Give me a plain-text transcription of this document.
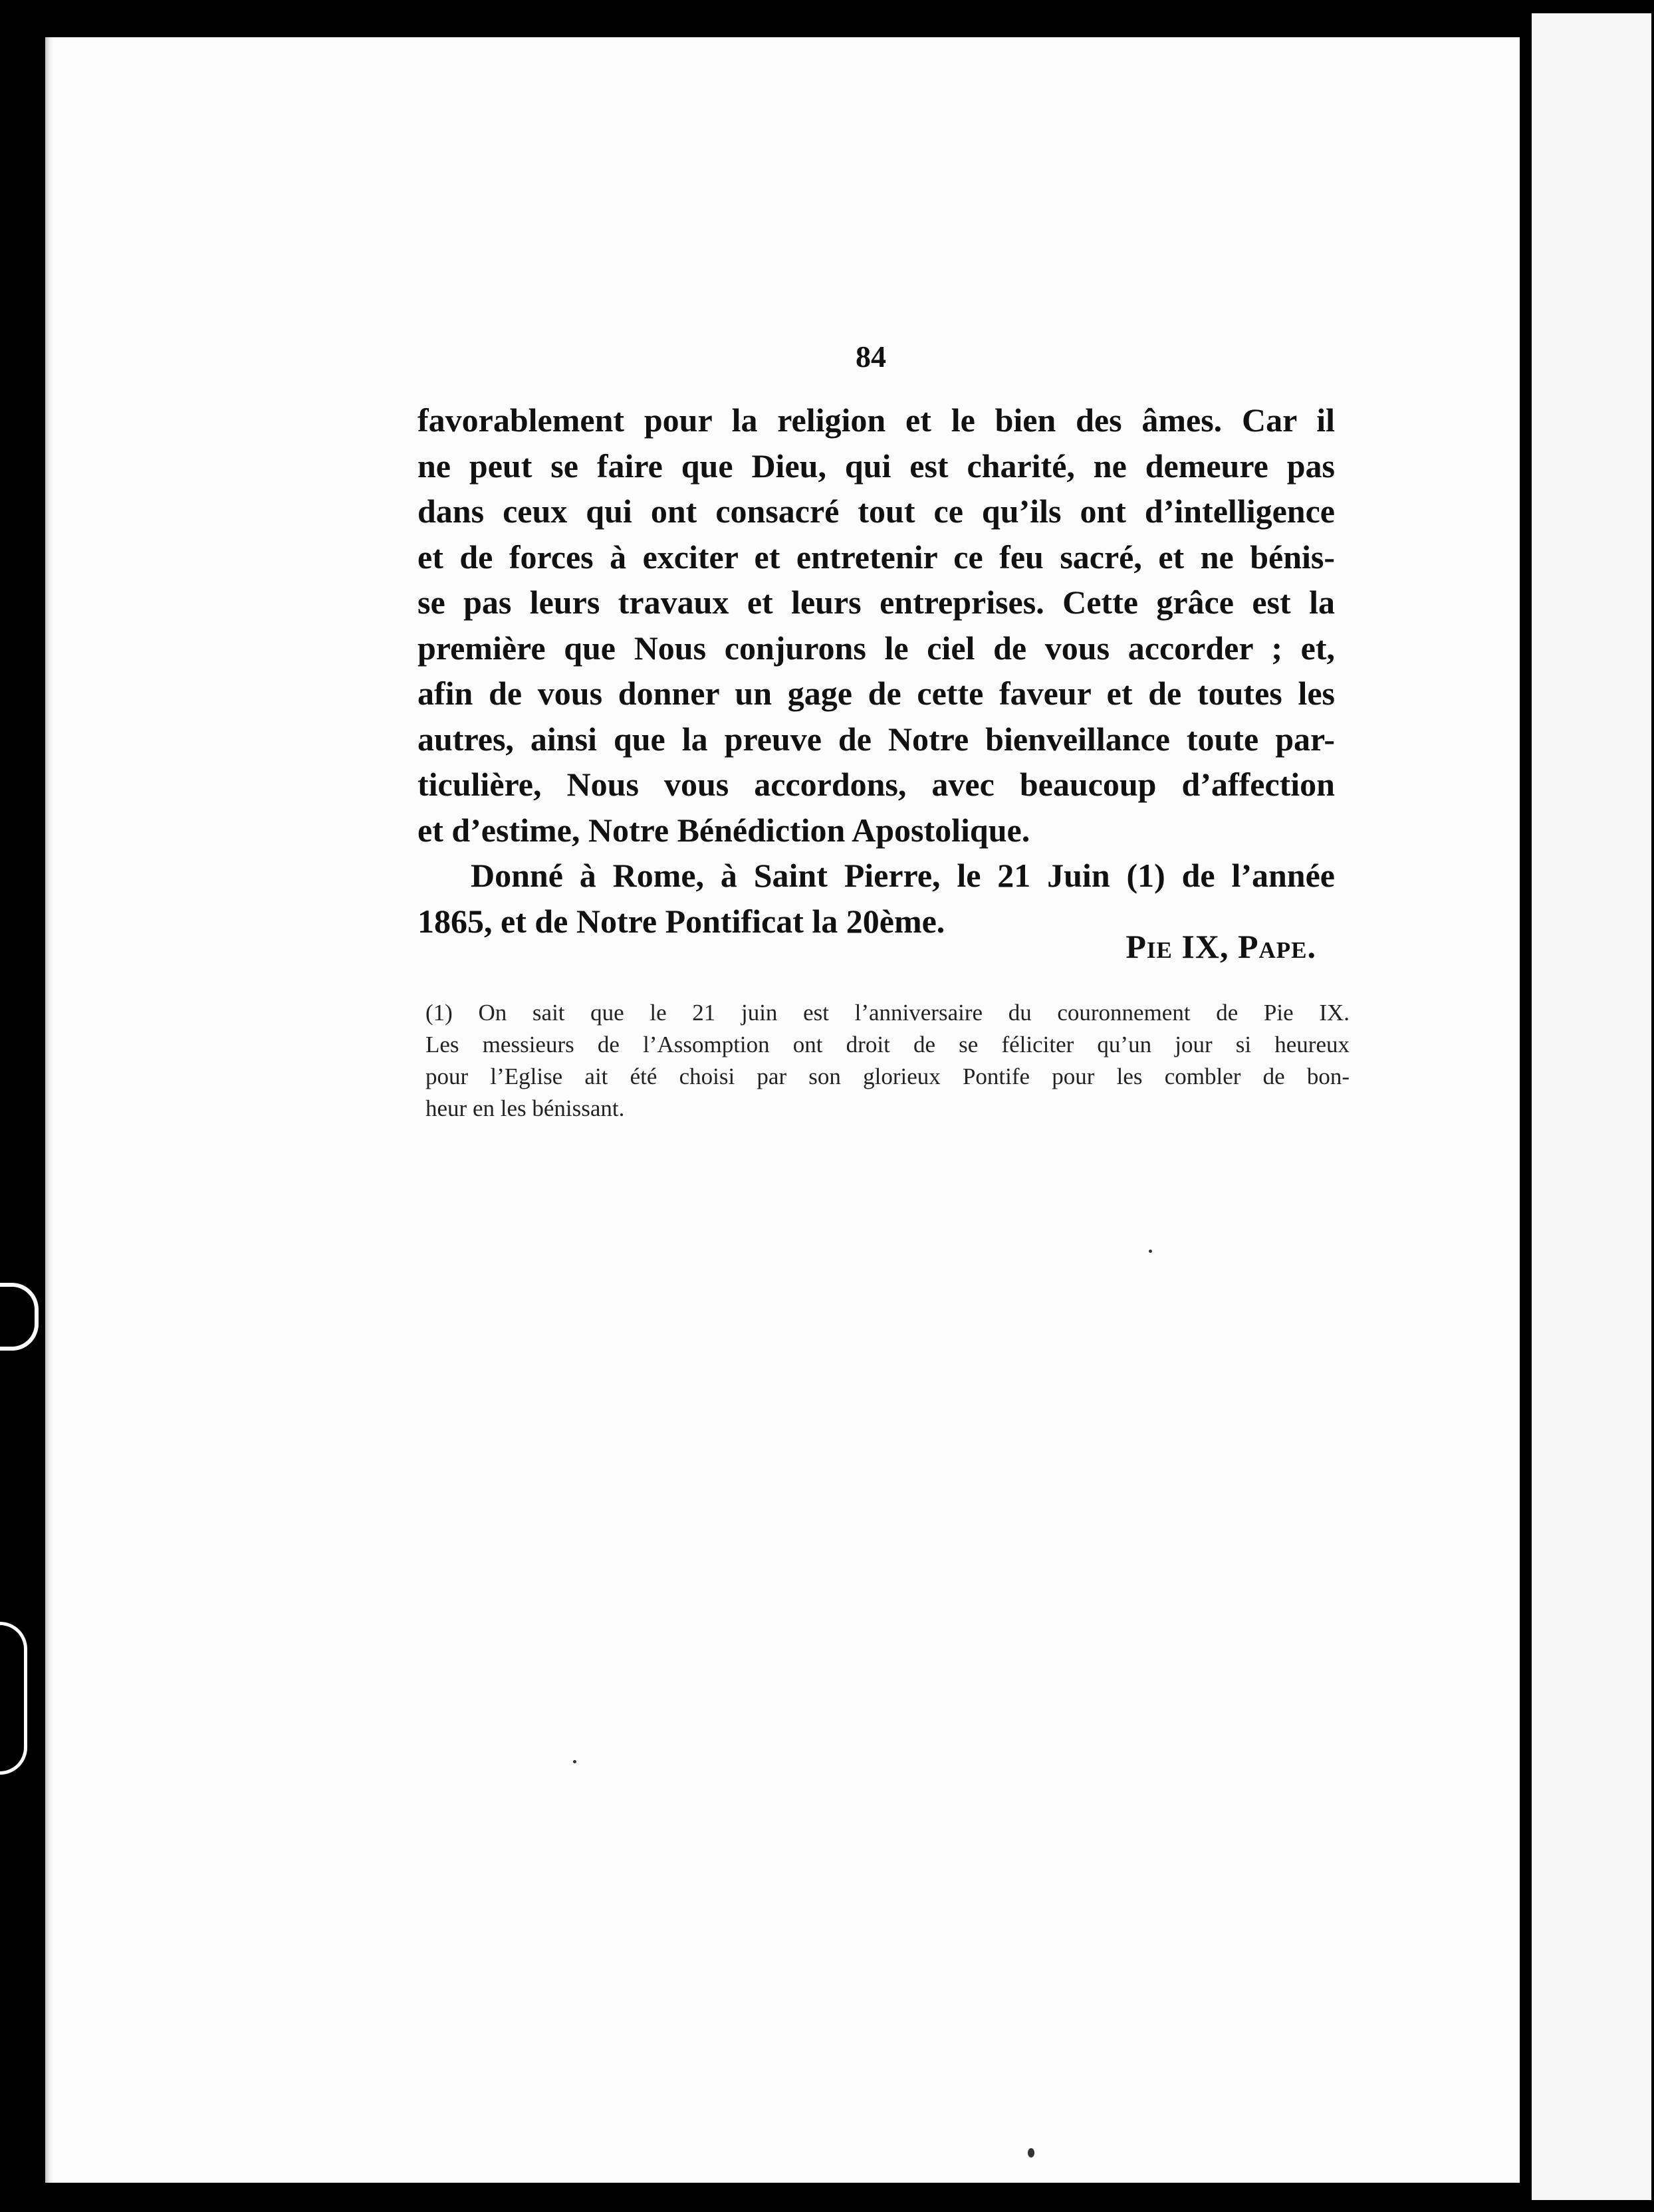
84
favorablement pour la religion et le bien des âmes. Car il
ne peut se faire que Dieu, qui est charité, ne demeure pas
dans ceux qui ont consacré tout ce qu’ils ont d’intelligence
et de forces à exciter et entretenir ce feu sacré, et ne bénis-
se pas leurs travaux et leurs entreprises. Cette grâce est la
première que Nous conjurons le ciel de vous accorder ; et,
afin de vous donner un gage de cette faveur et de toutes les
autres, ainsi que la preuve de Notre bienveillance toute par-
ticulière, Nous vous accordons, avec beaucoup d’affection
et d’estime, Notre Bénédiction Apostolique.
Donné à Rome, à Saint Pierre, le 21 Juin (1) de l’année
1865, et de Notre Pontificat la 20ème.
Pie IX, Pape.
(1) On sait que le 21 juin est l’anniversaire du couronnement de Pie IX.
Les messieurs de l’Assomption ont droit de se féliciter qu’un jour si heureux
pour l’Eglise ait été choisi par son glorieux Pontife pour les combler de bon-
heur en les bénissant.
